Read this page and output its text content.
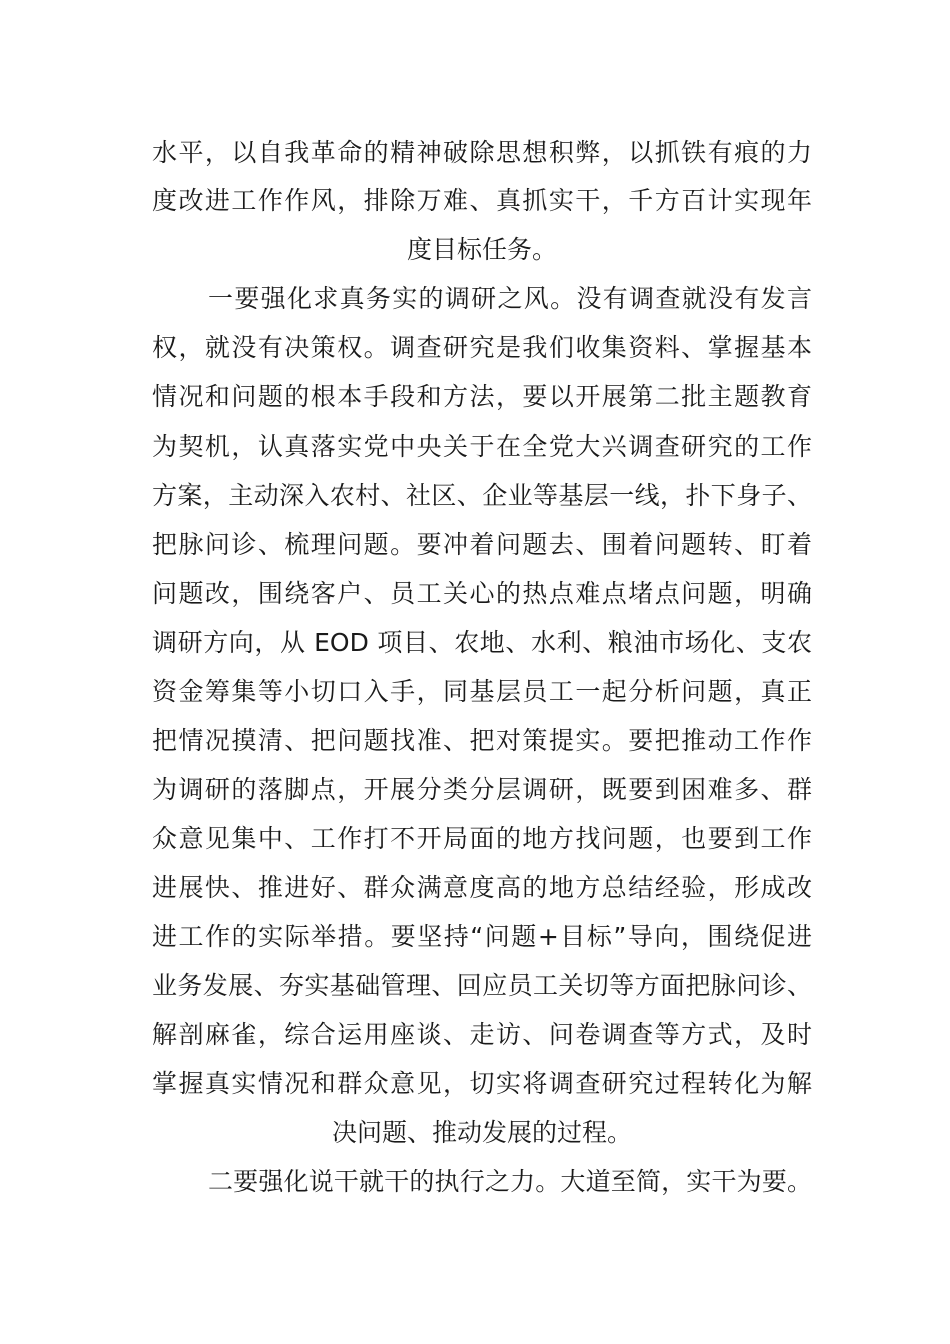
水平，以自我革命的精神破除思想积弊，以抓铁有痕的力
度改进工作作风，排除万难、真抓实干，千方百计实现年
度目标任务。
一要强化求真务实的调研之风。没有调查就没有发言
权，就没有决策权。调查研究是我们收集资料、掌握基本
情况和问题的根本手段和方法，要以开展第二批主题教育
为契机，认真落实党中央关于在全党大兴调查研究的工作
方案，主动深入农村、社区、企业等基层一线，扑下身子、
把脉问诊、梳理问题。要冲着问题去、围着问题转、盯着
问题改，围绕客户、员工关心的热点难点堵点问题，明确
调研方向，从 EOD 项目、农地、水利、粮油市场化、支农
资金筹集等小切口入手，同基层员工一起分析问题，真正
把情况摸清、把问题找准、把对策提实。要把推动工作作
为调研的落脚点，开展分类分层调研，既要到困难多、群
众意见集中、工作打不开局面的地方找问题，也要到工作
进展快、推进好、群众满意度高的地方总结经验，形成改
进工作的实际举措。要坚持“问题+目标”导向，围绕促进
业务发展、夯实基础管理、回应员工关切等方面把脉问诊、
解剖麻雀，综合运用座谈、走访、问卷调查等方式，及时
掌握真实情况和群众意见，切实将调查研究过程转化为解
决问题、推动发展的过程。
二要强化说干就干的执行之力。大道至简，实干为要。
